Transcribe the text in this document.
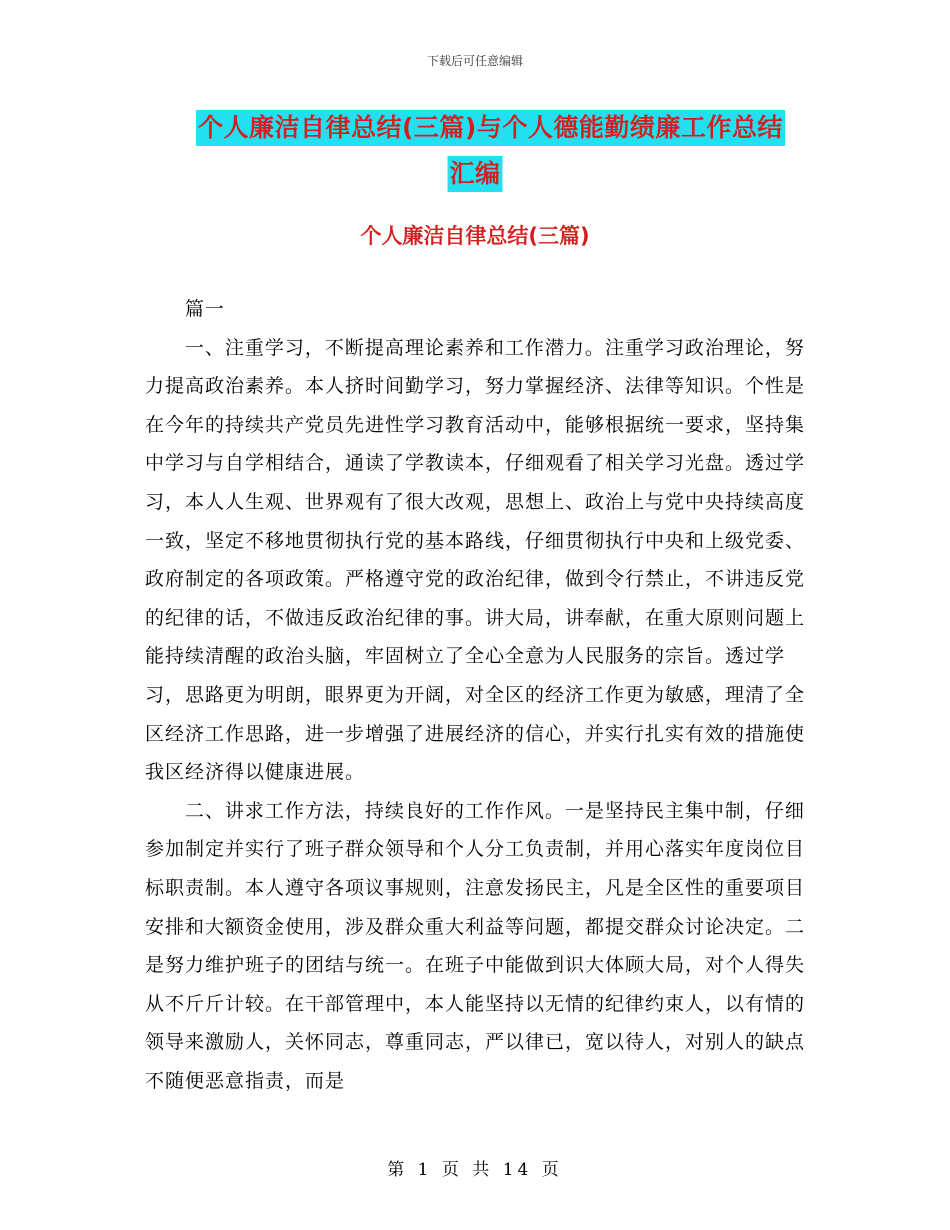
下载后可任意编辑
个人廉洁自律总结(三篇)与个人德能勤绩廉工作总结
汇编
个人廉洁自律总结(三篇)

篇一

一、注重学习，不断提高理论素养和工作潜力。注重学习政治理论，努力提高政治素养。本人挤时间勤学习，努力掌握经济、法律等知识。个性是在今年的持续共产党员先进性学习教育活动中，能够根据统一要求，坚持集中学习与自学相结合，通读了学教读本，仔细观看了相关学习光盘。透过学习，本人人生观、世界观有了很大改观，思想上、政治上与党中央持续高度一致，坚定不移地贯彻执行党的基本路线，仔细贯彻执行中央和上级党委、政府制定的各项政策。严格遵守党的政治纪律，做到令行禁止，不讲违反党的纪律的话，不做违反政治纪律的事。讲大局，讲奉献，在重大原则问题上能持续清醒的政治头脑，牢固树立了全心全意为人民服务的宗旨。透过学习，思路更为明朗，眼界更为开阔，对全区的经济工作更为敏感，理清了全区经济工作思路，进一步增强了进展经济的信心，并实行扎实有效的措施使我区经济得以健康进展。

二、讲求工作方法，持续良好的工作作风。一是坚持民主集中制，仔细参加制定并实行了班子群众领导和个人分工负责制，并用心落实年度岗位目标职责制。本人遵守各项议事规则，注意发扬民主，凡是全区性的重要项目安排和大额资金使用，涉及群众重大利益等问题，都提交群众讨论决定。二是努力维护班子的团结与统一。在班子中能做到识大体顾大局，对个人得失从不斤斤计较。在干部管理中，本人能坚持以无情的纪律约束人，以有情的领导来激励人，关怀同志，尊重同志，严以律已，宽以待人，对别人的缺点不随便恶意指责，而是

第 1 页 共 14 页
